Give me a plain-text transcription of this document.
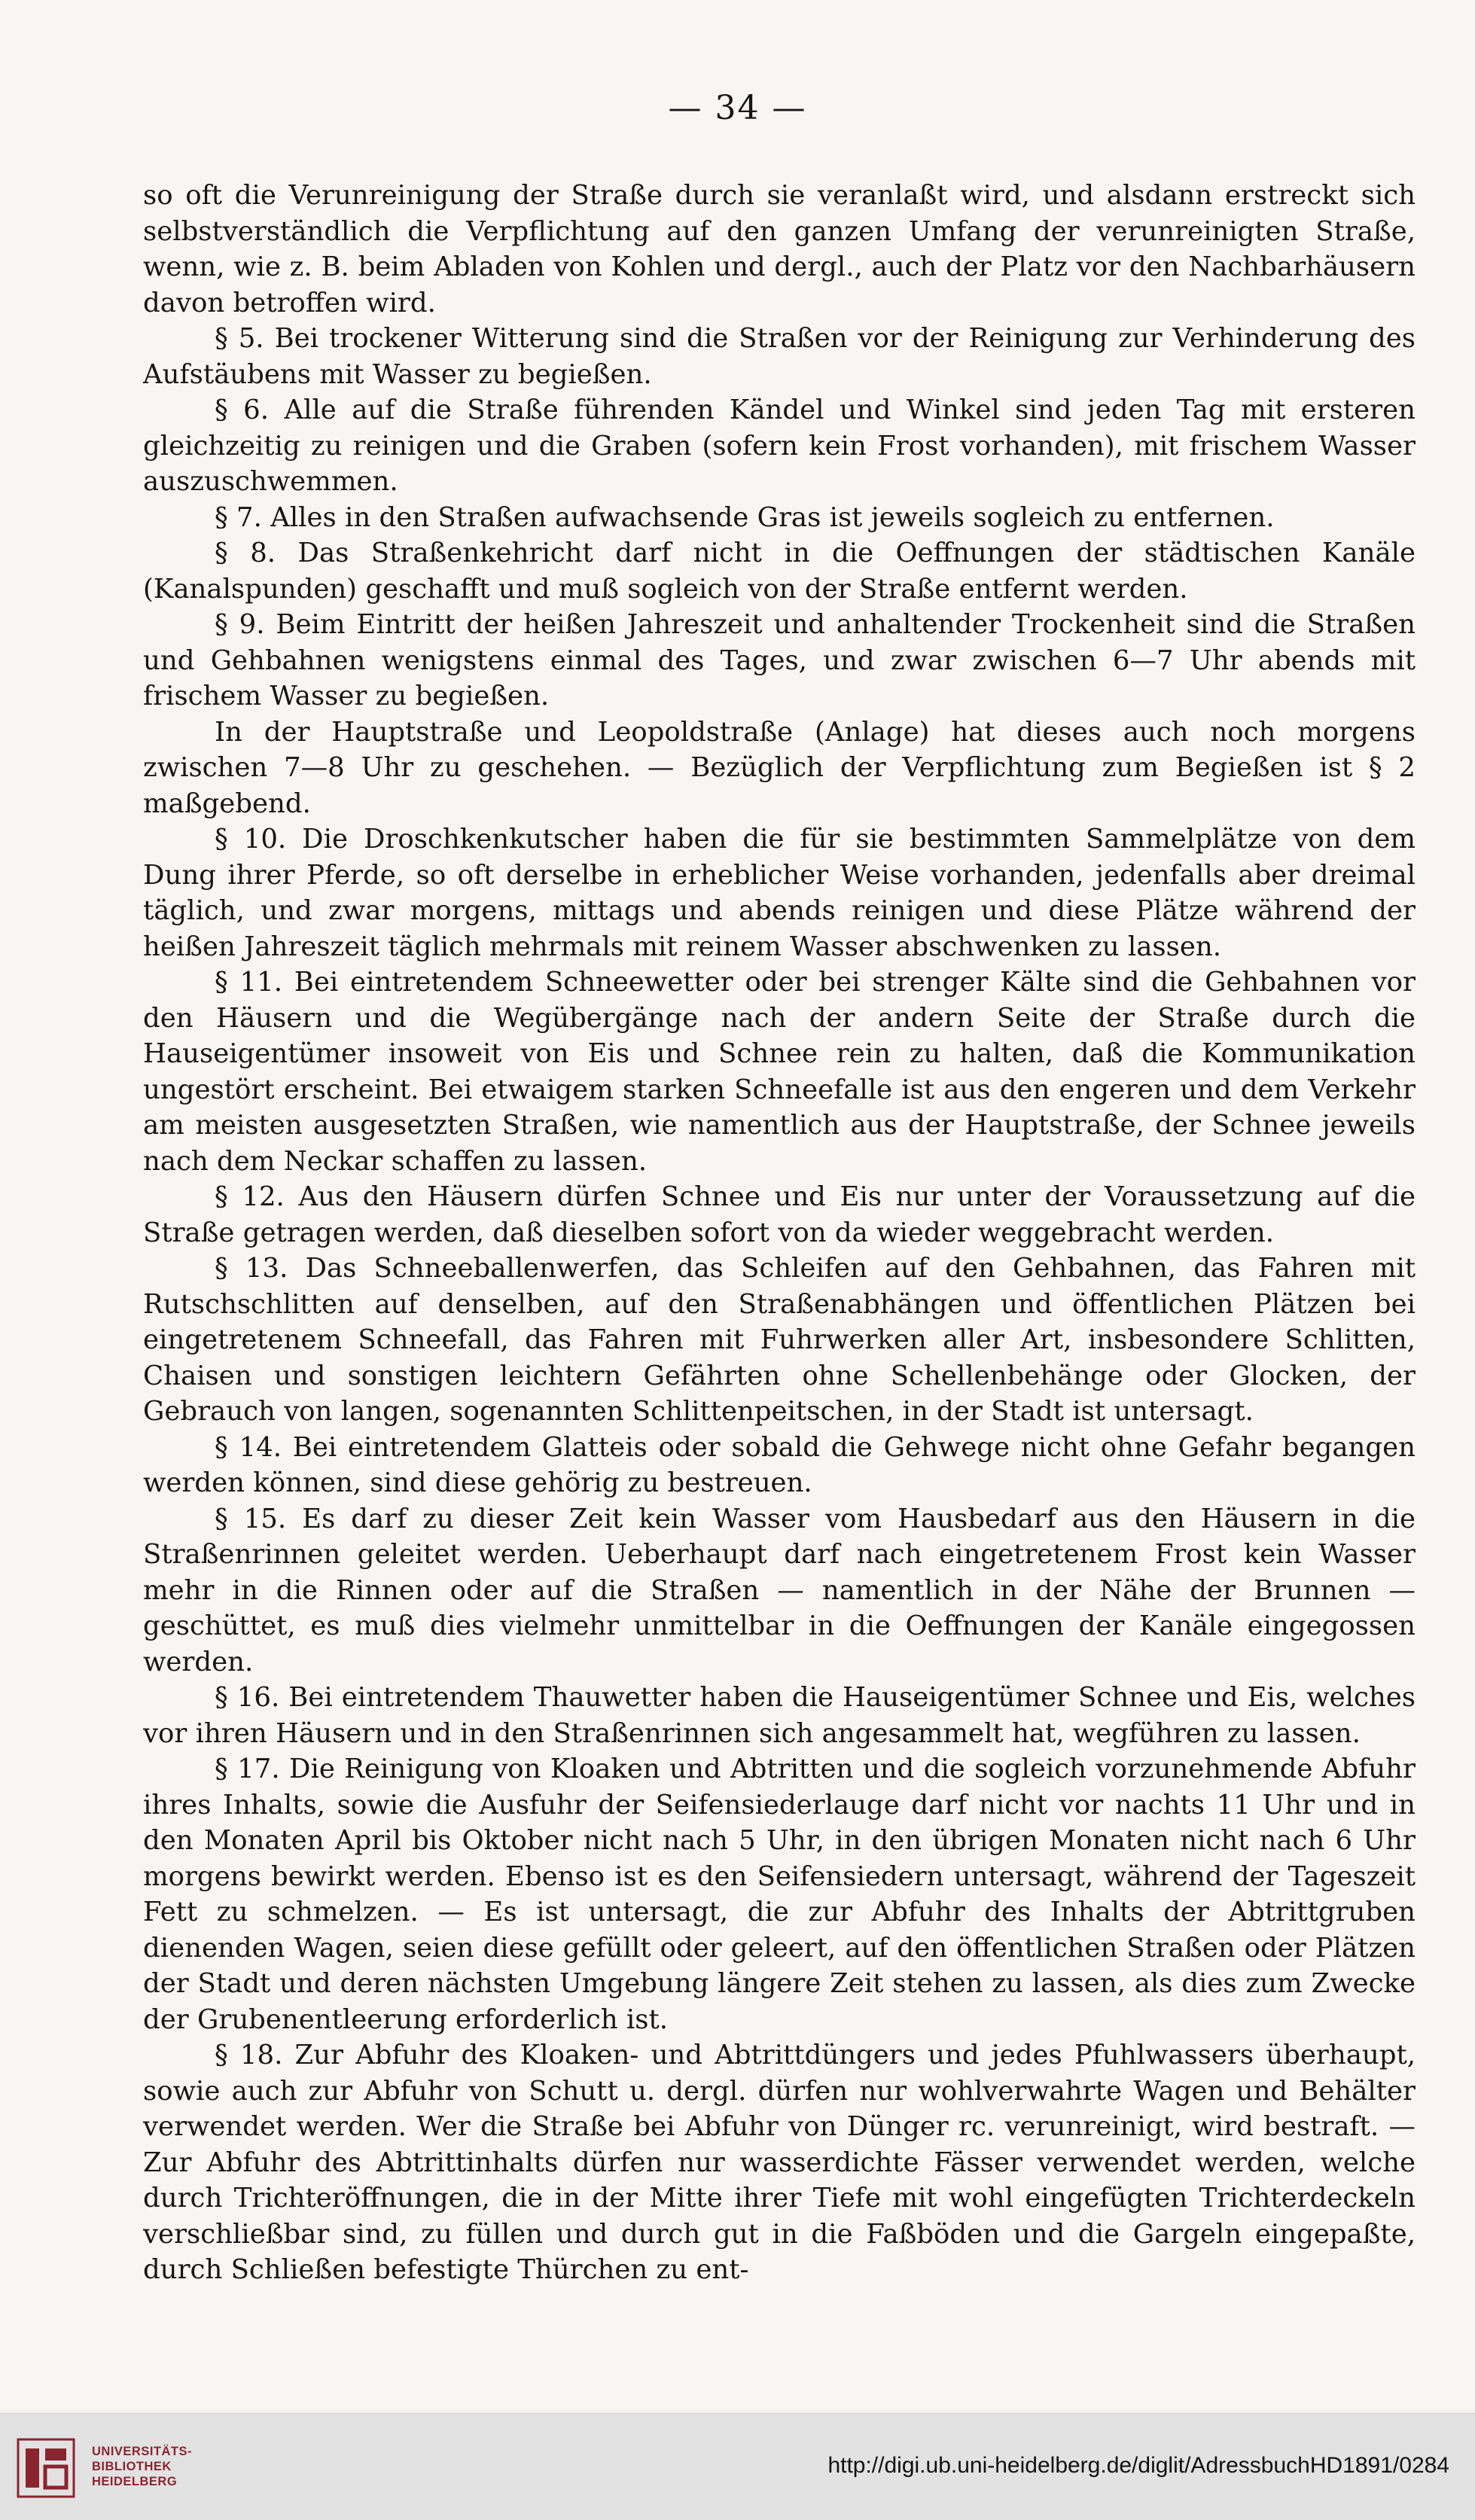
— 34 —

so oft die Verunreinigung der Straße durch sie veranlaßt wird, und alsdann erstreckt sich selbstverständlich die Verpflichtung auf den ganzen Umfang der verunreinigten Straße, wenn, wie z. B. beim Abladen von Kohlen und dergl., auch der Platz vor den Nachbarhäusern davon betroffen wird.

§ 5. Bei trockener Witterung sind die Straßen vor der Reinigung zur Verhinderung des Aufstäubens mit Wasser zu begießen.

§ 6. Alle auf die Straße führenden Kändel und Winkel sind jeden Tag mit ersteren gleichzeitig zu reinigen und die Graben (sofern kein Frost vorhanden), mit frischem Wasser auszuschwemmen.

§ 7. Alles in den Straßen aufwachsende Gras ist jeweils sogleich zu entfernen.

§ 8. Das Straßenkehricht darf nicht in die Oeffnungen der städtischen Kanäle (Kanalspunden) geschafft und muß sogleich von der Straße entfernt werden.

§ 9. Beim Eintritt der heißen Jahreszeit und anhaltender Trockenheit sind die Straßen und Gehbahnen wenigstens einmal des Tages, und zwar zwischen 6—7 Uhr abends mit frischem Wasser zu begießen.

In der Hauptstraße und Leopoldstraße (Anlage) hat dieses auch noch morgens zwischen 7—8 Uhr zu geschehen. — Bezüglich der Verpflichtung zum Begießen ist § 2 maßgebend.

§ 10. Die Droschkenkutscher haben die für sie bestimmten Sammelplätze von dem Dung ihrer Pferde, so oft derselbe in erheblicher Weise vorhanden, jedenfalls aber dreimal täglich, und zwar morgens, mittags und abends reinigen und diese Plätze während der heißen Jahreszeit täglich mehrmals mit reinem Wasser abschwenken zu lassen.

§ 11. Bei eintretendem Schneewetter oder bei strenger Kälte sind die Gehbahnen vor den Häusern und die Wegübergänge nach der andern Seite der Straße durch die Hauseigentümer insoweit von Eis und Schnee rein zu halten, daß die Kommunikation ungestört erscheint. Bei etwaigem starken Schneefalle ist aus den engeren und dem Verkehr am meisten ausgesetzten Straßen, wie namentlich aus der Hauptstraße, der Schnee jeweils nach dem Neckar schaffen zu lassen.

§ 12. Aus den Häusern dürfen Schnee und Eis nur unter der Voraussetzung auf die Straße getragen werden, daß dieselben sofort von da wieder weggebracht werden.

§ 13. Das Schneeballenwerfen, das Schleifen auf den Gehbahnen, das Fahren mit Rutschschlitten auf denselben, auf den Straßenabhängen und öffentlichen Plätzen bei eingetretenem Schneefall, das Fahren mit Fuhrwerken aller Art, insbesondere Schlitten, Chaisen und sonstigen leichtern Gefährten ohne Schellenbehänge oder Glocken, der Gebrauch von langen, sogenannten Schlittenpeitschen, in der Stadt ist untersagt.

§ 14. Bei eintretendem Glatteis oder sobald die Gehwege nicht ohne Gefahr begangen werden können, sind diese gehörig zu bestreuen.

§ 15. Es darf zu dieser Zeit kein Wasser vom Hausbedarf aus den Häusern in die Straßenrinnen geleitet werden. Ueberhaupt darf nach eingetretenem Frost kein Wasser mehr in die Rinnen oder auf die Straßen — namentlich in der Nähe der Brunnen — geschüttet, es muß dies vielmehr unmittelbar in die Oeffnungen der Kanäle eingegossen werden.

§ 16. Bei eintretendem Thauwetter haben die Hauseigentümer Schnee und Eis, welches vor ihren Häusern und in den Straßenrinnen sich angesammelt hat, wegführen zu lassen.

§ 17. Die Reinigung von Kloaken und Abtritten und die sogleich vorzunehmende Abfuhr ihres Inhalts, sowie die Ausfuhr der Seifensiederlauge darf nicht vor nachts 11 Uhr und in den Monaten April bis Oktober nicht nach 5 Uhr, in den übrigen Monaten nicht nach 6 Uhr morgens bewirkt werden. Ebenso ist es den Seifensiedern untersagt, während der Tageszeit Fett zu schmelzen. — Es ist untersagt, die zur Abfuhr des Inhalts der Abtrittgruben dienenden Wagen, seien diese gefüllt oder geleert, auf den öffentlichen Straßen oder Plätzen der Stadt und deren nächsten Umgebung längere Zeit stehen zu lassen, als dies zum Zwecke der Grubenentleerung erforderlich ist.

§ 18. Zur Abfuhr des Kloaken- und Abtrittdüngers und jedes Pfuhlwassers überhaupt, sowie auch zur Abfuhr von Schutt u. dergl. dürfen nur wohlverwahrte Wagen und Behälter verwendet werden. Wer die Straße bei Abfuhr von Dünger rc. verunreinigt, wird bestraft. — Zur Abfuhr des Abtrittinhalts dürfen nur wasserdichte Fässer verwendet werden, welche durch Trichteröffnungen, die in der Mitte ihrer Tiefe mit wohl eingefügten Trichterdeckeln verschließbar sind, zu füllen und durch gut in die Faßböden und die Gargeln eingepaßte, durch Schließen befestigte Thürchen zu ent-

UNIVERSITÄTS-
BIBLIOTHEK
HEIDELBERG
http://digi.ub.uni-heidelberg.de/diglit/AdressbuchHD1891/0284
